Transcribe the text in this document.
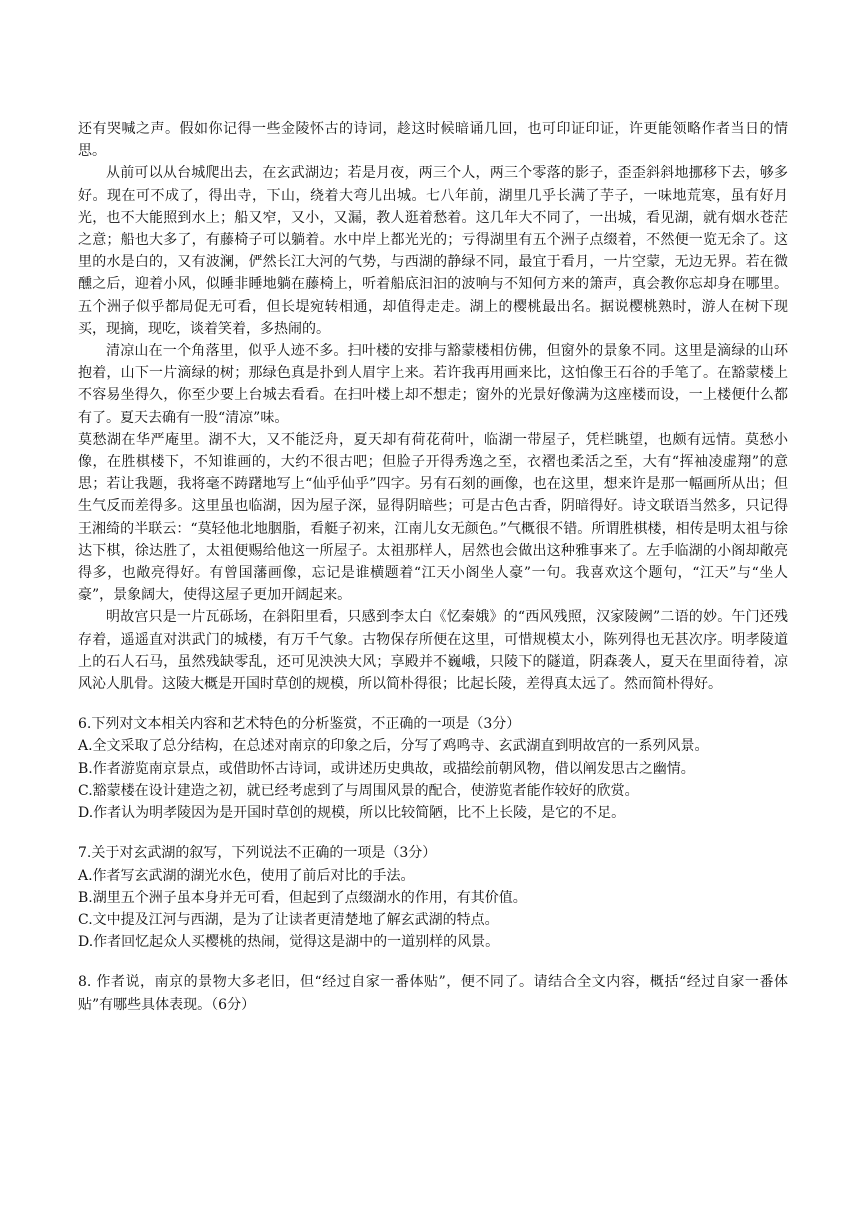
还有哭喊之声。假如你记得一些金陵怀古的诗词，趁这时候暗诵几回，也可印证印证，许更能领略作者当日的情思。

从前可以从台城爬出去，在玄武湖边；若是月夜，两三个人，两三个零落的影子，歪歪斜斜地挪移下去，够多好。现在可不成了，得出寺，下山，绕着大弯儿出城。七八年前，湖里几乎长满了芋子，一味地荒寒，虽有好月光，也不大能照到水上；船又窄，又小，又漏，教人逛着愁着。这几年大不同了，一出城，看见湖，就有烟水苍茫之意；船也大多了，有藤椅子可以躺着。水中岸上都光光的；亏得湖里有五个洲子点缀着，不然便一览无余了。这里的水是白的，又有波澜，俨然长江大河的气势，与西湖的静绿不同，最宜于看月，一片空蒙，无边无界。若在微醺之后，迎着小风，似睡非睡地躺在藤椅上，听着船底汩汩的波响与不知何方来的箫声，真会教你忘却身在哪里。五个洲子似乎都局促无可看，但长堤宛转相通，却值得走走。湖上的樱桃最出名。据说樱桃熟时，游人在树下现买，现摘，现吃，谈着笑着，多热闹的。

清凉山在一个角落里，似乎人迹不多。扫叶楼的安排与豁蒙楼相仿佛，但窗外的景象不同。这里是滴绿的山环抱着，山下一片滴绿的树；那绿色真是扑到人眉宇上来。若许我再用画来比，这怕像王石谷的手笔了。在豁蒙楼上不容易坐得久，你至少要上台城去看看。在扫叶楼上却不想走；窗外的光景好像满为这座楼而设，一上楼便什么都有了。夏天去确有一股“清凉”味。

莫愁湖在华严庵里。湖不大，又不能泛舟，夏天却有荷花荷叶，临湖一带屋子，凭栏眺望，也颇有远情。莫愁小像，在胜棋楼下，不知谁画的，大约不很古吧；但脸子开得秀逸之至，衣褶也柔活之至，大有“挥袖凌虚翔”的意思；若让我题，我将毫不踌躇地写上“仙乎仙乎”四字。另有石刻的画像，也在这里，想来许是那一幅画所从出；但生气反而差得多。这里虽也临湖，因为屋子深，显得阴暗些；可是古色古香，阴暗得好。诗文联语当然多，只记得王湘绮的半联云：“莫轻他北地胭脂，看艇子初来，江南儿女无颜色。”气概很不错。所谓胜棋楼，相传是明太祖与徐达下棋，徐达胜了，太祖便赐给他这一所屋子。太祖那样人，居然也会做出这种雅事来了。左手临湖的小阁却敞亮得多，也敞亮得好。有曾国藩画像，忘记是谁横题着“江天小阁坐人豪”一句。我喜欢这个题句，“江天”与“坐人豪”，景象阔大，使得这屋子更加开阔起来。

明故宫只是一片瓦砾场，在斜阳里看，只感到李太白《忆秦娥》的“西风残照，汉家陵阙”二语的妙。午门还残存着，遥遥直对洪武门的城楼，有万千气象。古物保存所便在这里，可惜规模太小，陈列得也无甚次序。明孝陵道上的石人石马，虽然残缺零乱，还可见泱泱大风；享殿并不巍峨，只陵下的隧道，阴森袭人，夏天在里面待着，凉风沁人肌骨。这陵大概是开国时草创的规模，所以简朴得很；比起长陵，差得真太远了。然而简朴得好。

6.下列对文本相关内容和艺术特色的分析鉴赏，不正确的一项是（3分）

A.全文采取了总分结构，在总述对南京的印象之后，分写了鸡鸣寺、玄武湖直到明故宫的一系列风景。

B.作者游览南京景点，或借助怀古诗词，或讲述历史典故，或描绘前朝风物，借以阐发思古之幽情。

C.豁蒙楼在设计建造之初，就已经考虑到了与周围风景的配合，使游览者能作较好的欣赏。

D.作者认为明孝陵因为是开国时草创的规模，所以比较简陋，比不上长陵，是它的不足。

7.关于对玄武湖的叙写，下列说法不正确的一项是（3分）

A.作者写玄武湖的湖光水色，使用了前后对比的手法。

B.湖里五个洲子虽本身并无可看，但起到了点缀湖水的作用，有其价值。

C.文中提及江河与西湖，是为了让读者更清楚地了解玄武湖的特点。

D.作者回忆起众人买樱桃的热闹，觉得这是湖中的一道别样的风景。

8. 作者说，南京的景物大多老旧，但“经过自家一番体贴”，便不同了。请结合全文内容，概括“经过自家一番体贴”有哪些具体表现。（6分）
